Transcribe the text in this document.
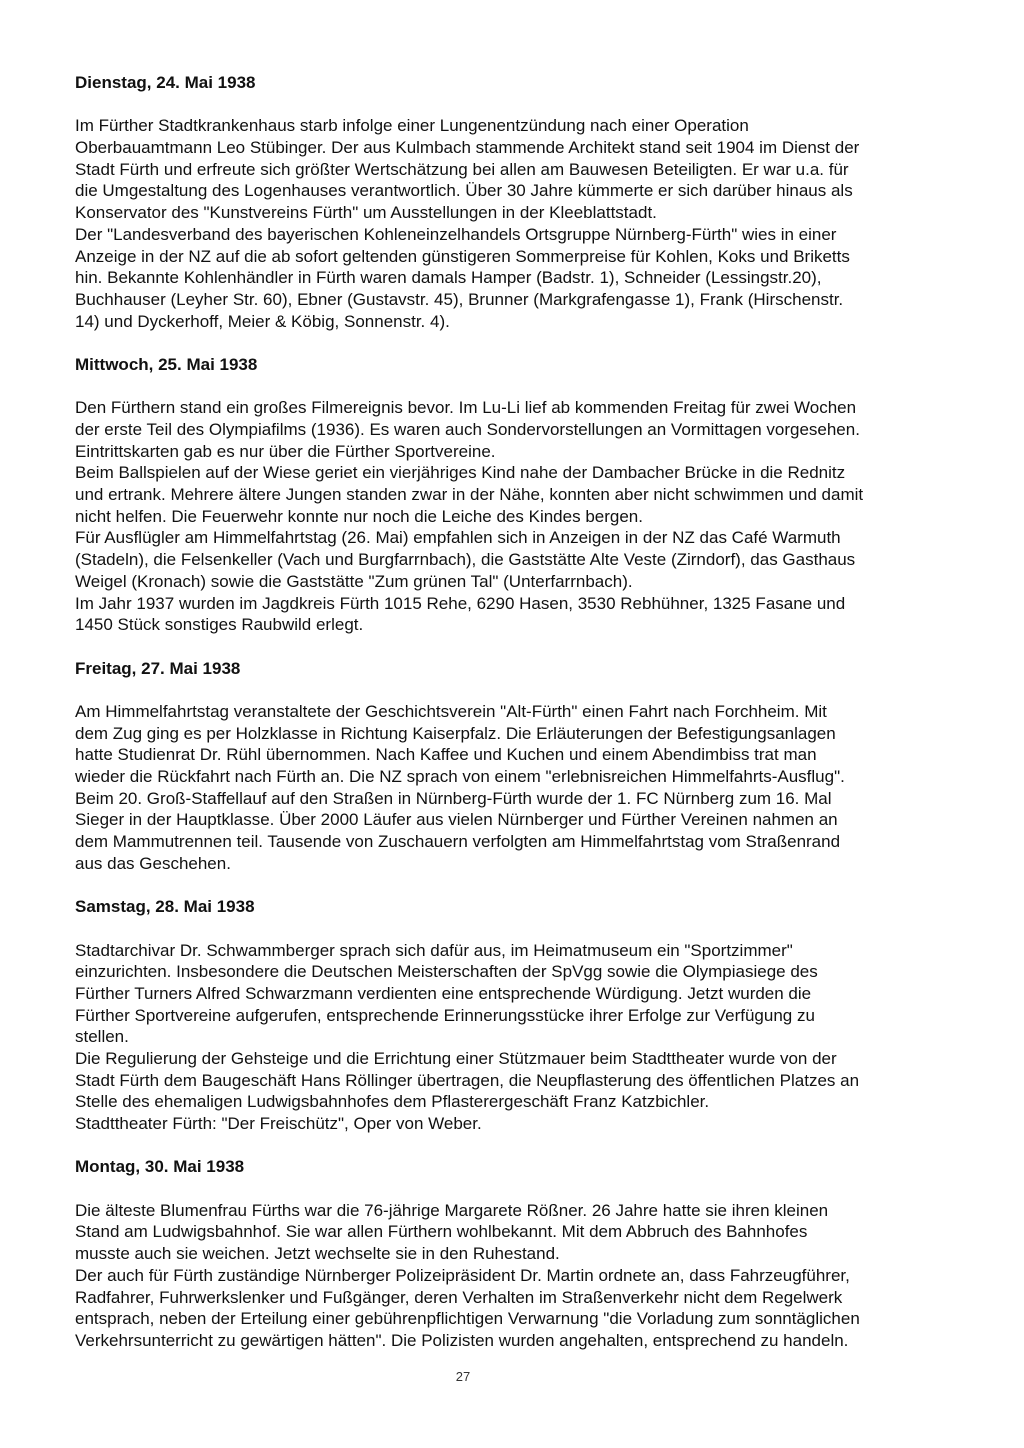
Dienstag, 24. Mai 1938
Im Fürther Stadtkrankenhaus starb infolge einer Lungenentzündung nach einer Operation
Oberbauamtmann Leo Stübinger. Der aus Kulmbach stammende Architekt stand seit 1904 im Dienst der
Stadt Fürth und erfreute sich größter Wertschätzung bei allen am Bauwesen Beteiligten. Er war u.a. für
die Umgestaltung des Logenhauses verantwortlich. Über 30 Jahre kümmerte er sich darüber hinaus als
Konservator des "Kunstvereins Fürth" um Ausstellungen in der Kleeblattstadt.
Der "Landesverband des bayerischen Kohleneinzelhandels Ortsgruppe Nürnberg-Fürth" wies in einer
Anzeige in der NZ auf die ab sofort geltenden günstigeren Sommerpreise für Kohlen, Koks und Briketts
hin. Bekannte Kohlenhändler in Fürth waren damals Hamper (Badstr. 1), Schneider (Lessingstr.20),
Buchhauser (Leyher Str. 60), Ebner (Gustavstr. 45), Brunner (Markgrafengasse 1), Frank (Hirschenstr.
14) und Dyckerhoff, Meier & Köbig, Sonnenstr. 4).
Mittwoch, 25. Mai 1938
Den Fürthern stand ein großes Filmereignis bevor. Im Lu-Li lief ab kommenden Freitag für zwei Wochen
der erste Teil des Olympiafilms (1936). Es waren auch Sondervorstellungen an Vormittagen vorgesehen.
Eintrittskarten gab es nur über die Fürther Sportvereine.
Beim Ballspielen auf der Wiese geriet ein vierjähriges Kind nahe der Dambacher Brücke in die Rednitz
und ertrank. Mehrere ältere Jungen standen zwar in der Nähe, konnten aber nicht schwimmen und damit
nicht helfen. Die Feuerwehr konnte nur noch die Leiche des Kindes bergen.
Für Ausflügler am Himmelfahrtstag (26. Mai) empfahlen sich in Anzeigen in der NZ das Café Warmuth
(Stadeln), die Felsenkeller (Vach und Burgfarrnbach), die Gaststätte Alte Veste (Zirndorf), das Gasthaus
Weigel (Kronach) sowie die Gaststätte "Zum grünen Tal" (Unterfarrnbach).
Im Jahr 1937 wurden im Jagdkreis Fürth 1015 Rehe, 6290 Hasen, 3530 Rebhühner, 1325 Fasane und
1450 Stück sonstiges Raubwild erlegt.
Freitag, 27. Mai 1938
Am Himmelfahrtstag veranstaltete der Geschichtsverein "Alt-Fürth" einen Fahrt nach Forchheim. Mit
dem Zug ging es per Holzklasse in Richtung Kaiserpfalz. Die Erläuterungen der Befestigungsanlagen
hatte Studienrat Dr. Rühl übernommen. Nach Kaffee und Kuchen und einem Abendimbiss trat man
wieder die Rückfahrt nach Fürth an. Die NZ sprach von einem "erlebnisreichen Himmelfahrts-Ausflug".
Beim 20. Groß-Staffellauf auf den Straßen in Nürnberg-Fürth wurde der 1. FC Nürnberg zum 16. Mal
Sieger in der Hauptklasse. Über 2000 Läufer aus vielen Nürnberger und Fürther Vereinen nahmen an
dem Mammutrennen teil. Tausende von Zuschauern verfolgten am Himmelfahrtstag vom Straßenrand
aus das Geschehen.
Samstag, 28. Mai 1938
Stadtarchivar Dr. Schwammberger sprach sich dafür aus, im Heimatmuseum ein "Sportzimmer"
einzurichten. Insbesondere die Deutschen Meisterschaften der SpVgg sowie die Olympiasiege des
Fürther Turners Alfred Schwarzmann verdienten eine entsprechende Würdigung. Jetzt wurden die
Fürther Sportvereine aufgerufen, entsprechende Erinnerungsstücke ihrer Erfolge zur Verfügung zu
stellen.
Die Regulierung der Gehsteige und die Errichtung einer Stützmauer beim Stadttheater wurde von der
Stadt Fürth dem Baugeschäft Hans Röllinger übertragen, die Neupflasterung des öffentlichen Platzes an
Stelle des ehemaligen Ludwigsbahnhofes dem Pflasterergeschäft Franz Katzbichler.
Stadttheater Fürth: "Der Freischütz", Oper von Weber.
Montag, 30. Mai 1938
Die älteste Blumenfrau Fürths war die 76-jährige Margarete Rößner. 26 Jahre hatte sie ihren kleinen
Stand am Ludwigsbahnhof. Sie war allen Fürthern wohlbekannt. Mit dem Abbruch des Bahnhofes
musste auch sie weichen. Jetzt wechselte sie in den Ruhestand.
Der auch für Fürth zuständige Nürnberger Polizeipräsident Dr. Martin ordnete an, dass Fahrzeugführer,
Radfahrer, Fuhrwerkslenker und Fußgänger, deren Verhalten im Straßenverkehr nicht dem Regelwerk
entsprach, neben der Erteilung einer gebührenpflichtigen Verwarnung "die Vorladung zum sonntäglichen
Verkehrsunterricht zu gewärtigen hätten". Die Polizisten wurden angehalten, entsprechend zu handeln.
27
